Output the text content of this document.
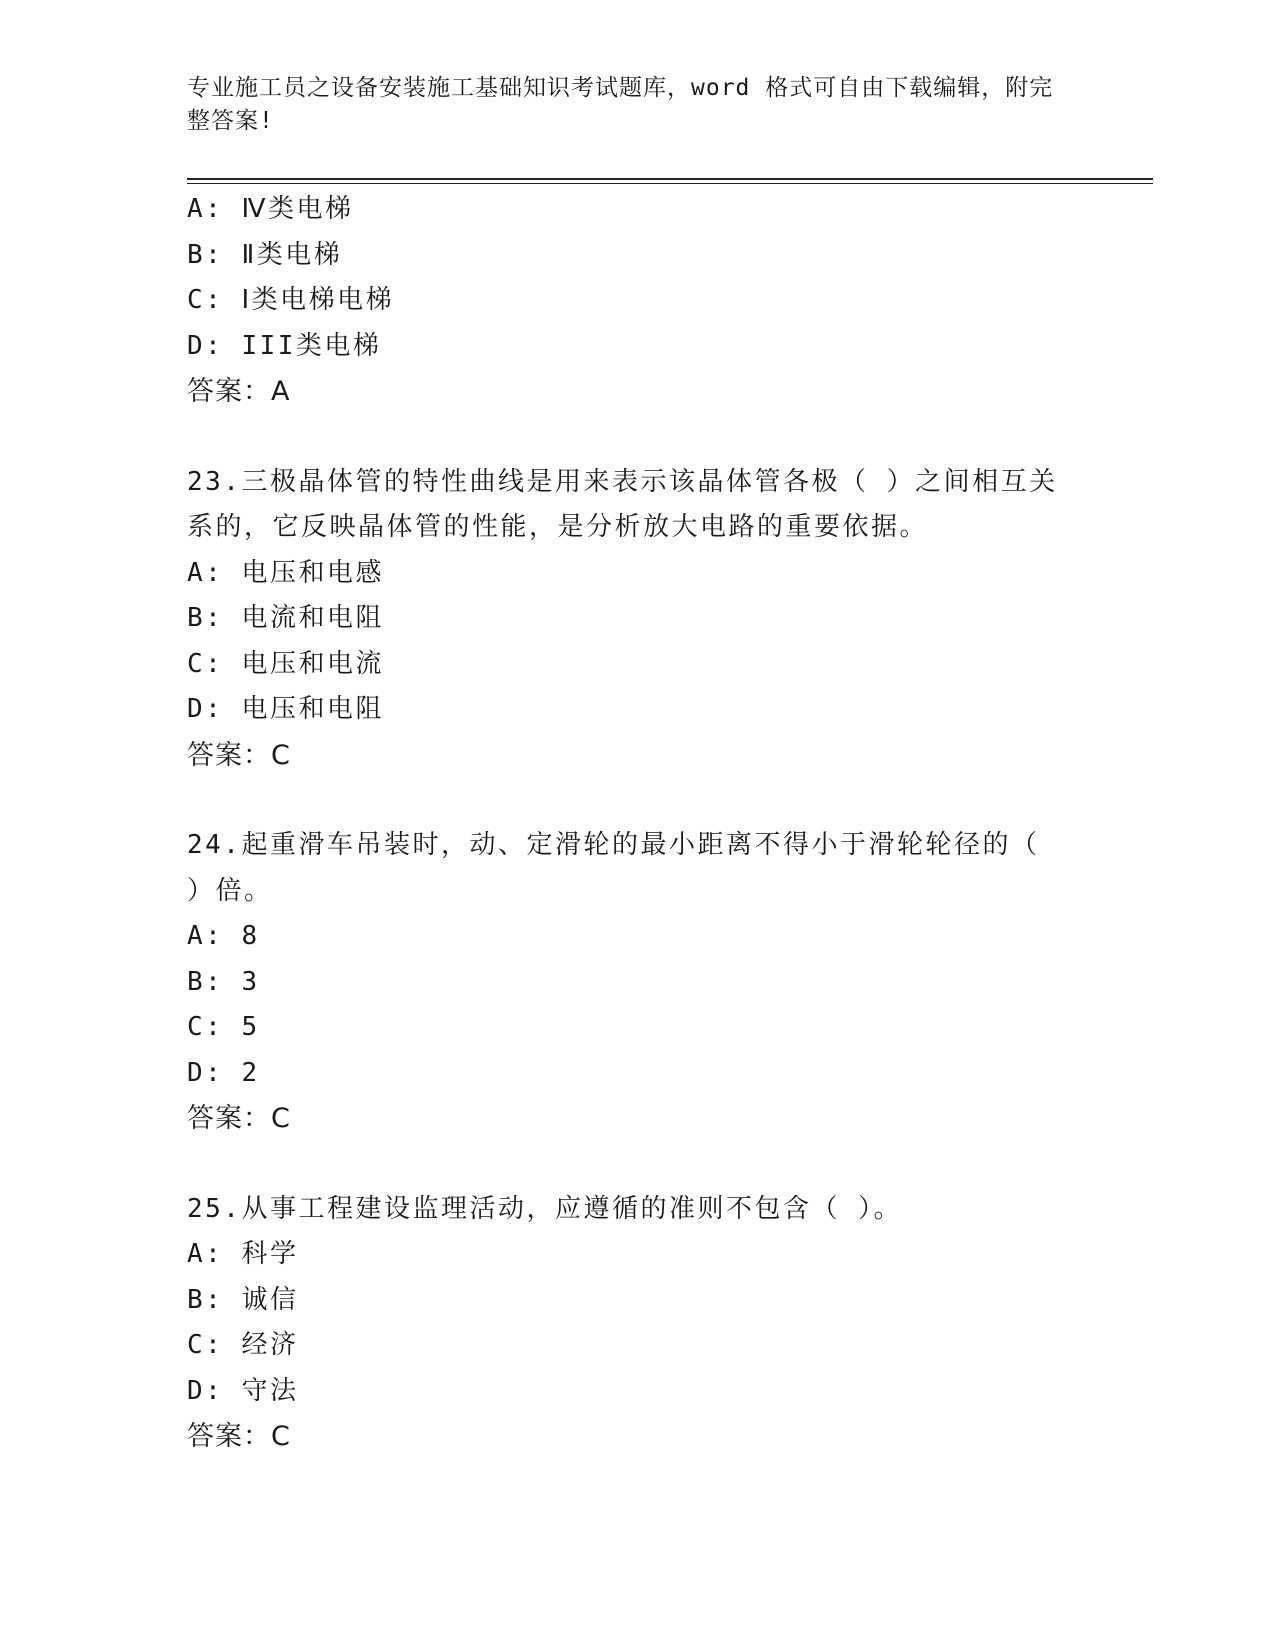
专业施工员之设备安装施工基础知识考试题库，word 格式可自由下载编辑，附完
整答案!
A: Ⅳ类电梯
B: Ⅱ类电梯
C: Ⅰ类电梯电梯
D: III类电梯
答案：A
23.三极晶体管的特性曲线是用来表示该晶体管各极（ ）之间相互关
系的，它反映晶体管的性能，是分析放大电路的重要依据。
A: 电压和电感
B: 电流和电阻
C: 电压和电流
D: 电压和电阻
答案：C
24.起重滑车吊装时，动、定滑轮的最小距离不得小于滑轮轮径的（
）倍。
A: 8
B: 3
C: 5
D: 2
答案：C
25.从事工程建设监理活动，应遵循的准则不包含（ ）。
A: 科学
B: 诚信
C: 经济
D: 守法
答案：C
